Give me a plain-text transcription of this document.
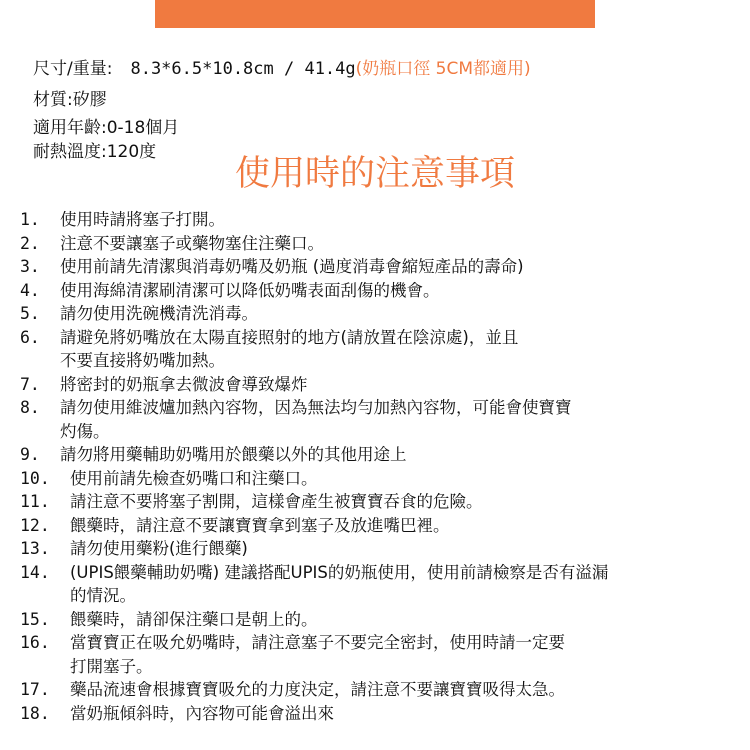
尺寸/重量: 8.3*6.5*10.8cm / 41.4g(奶瓶口徑 5CM都適用)
材質:矽膠
適用年齡:0-18個月
耐熱溫度:120度
使用時的注意事項
1.	使用時請將塞子打開。
2.	注意不要讓塞子或藥物塞住注藥口。
3.	使用前請先清潔與消毒奶嘴及奶瓶 (過度消毒會縮短產品的壽命)
4.	使用海綿清潔刷清潔可以降低奶嘴表面刮傷的機會。
5.	請勿使用洗碗機清洗消毒。
6.	請避免將奶嘴放在太陽直接照射的地方(請放置在陰涼處)，並且
不要直接將奶嘴加熱。
7.	將密封的奶瓶拿去微波會導致爆炸
8.	請勿使用維波爐加熱內容物，因為無法均勻加熱內容物，可能會使寶寶
灼傷。
9.	請勿將用藥輔助奶嘴用於餵藥以外的其他用途上
10.	使用前請先檢查奶嘴口和注藥口。
11.	請注意不要將塞子割開，這樣會產生被寶寶吞食的危險。
12.	餵藥時，請注意不要讓寶寶拿到塞子及放進嘴巴裡。
13.	請勿使用藥粉(進行餵藥)
14.	(UPIS餵藥輔助奶嘴) 建議搭配UPIS的奶瓶使用，使用前請檢察是否有溢漏
的情況。
15.	餵藥時，請卻保注藥口是朝上的。
16.	當寶寶正在吸允奶嘴時，請注意塞子不要完全密封，使用時請一定要
打開塞子。
17.	藥品流速會根據寶寶吸允的力度決定，請注意不要讓寶寶吸得太急。
18.	當奶瓶傾斜時，內容物可能會溢出來
